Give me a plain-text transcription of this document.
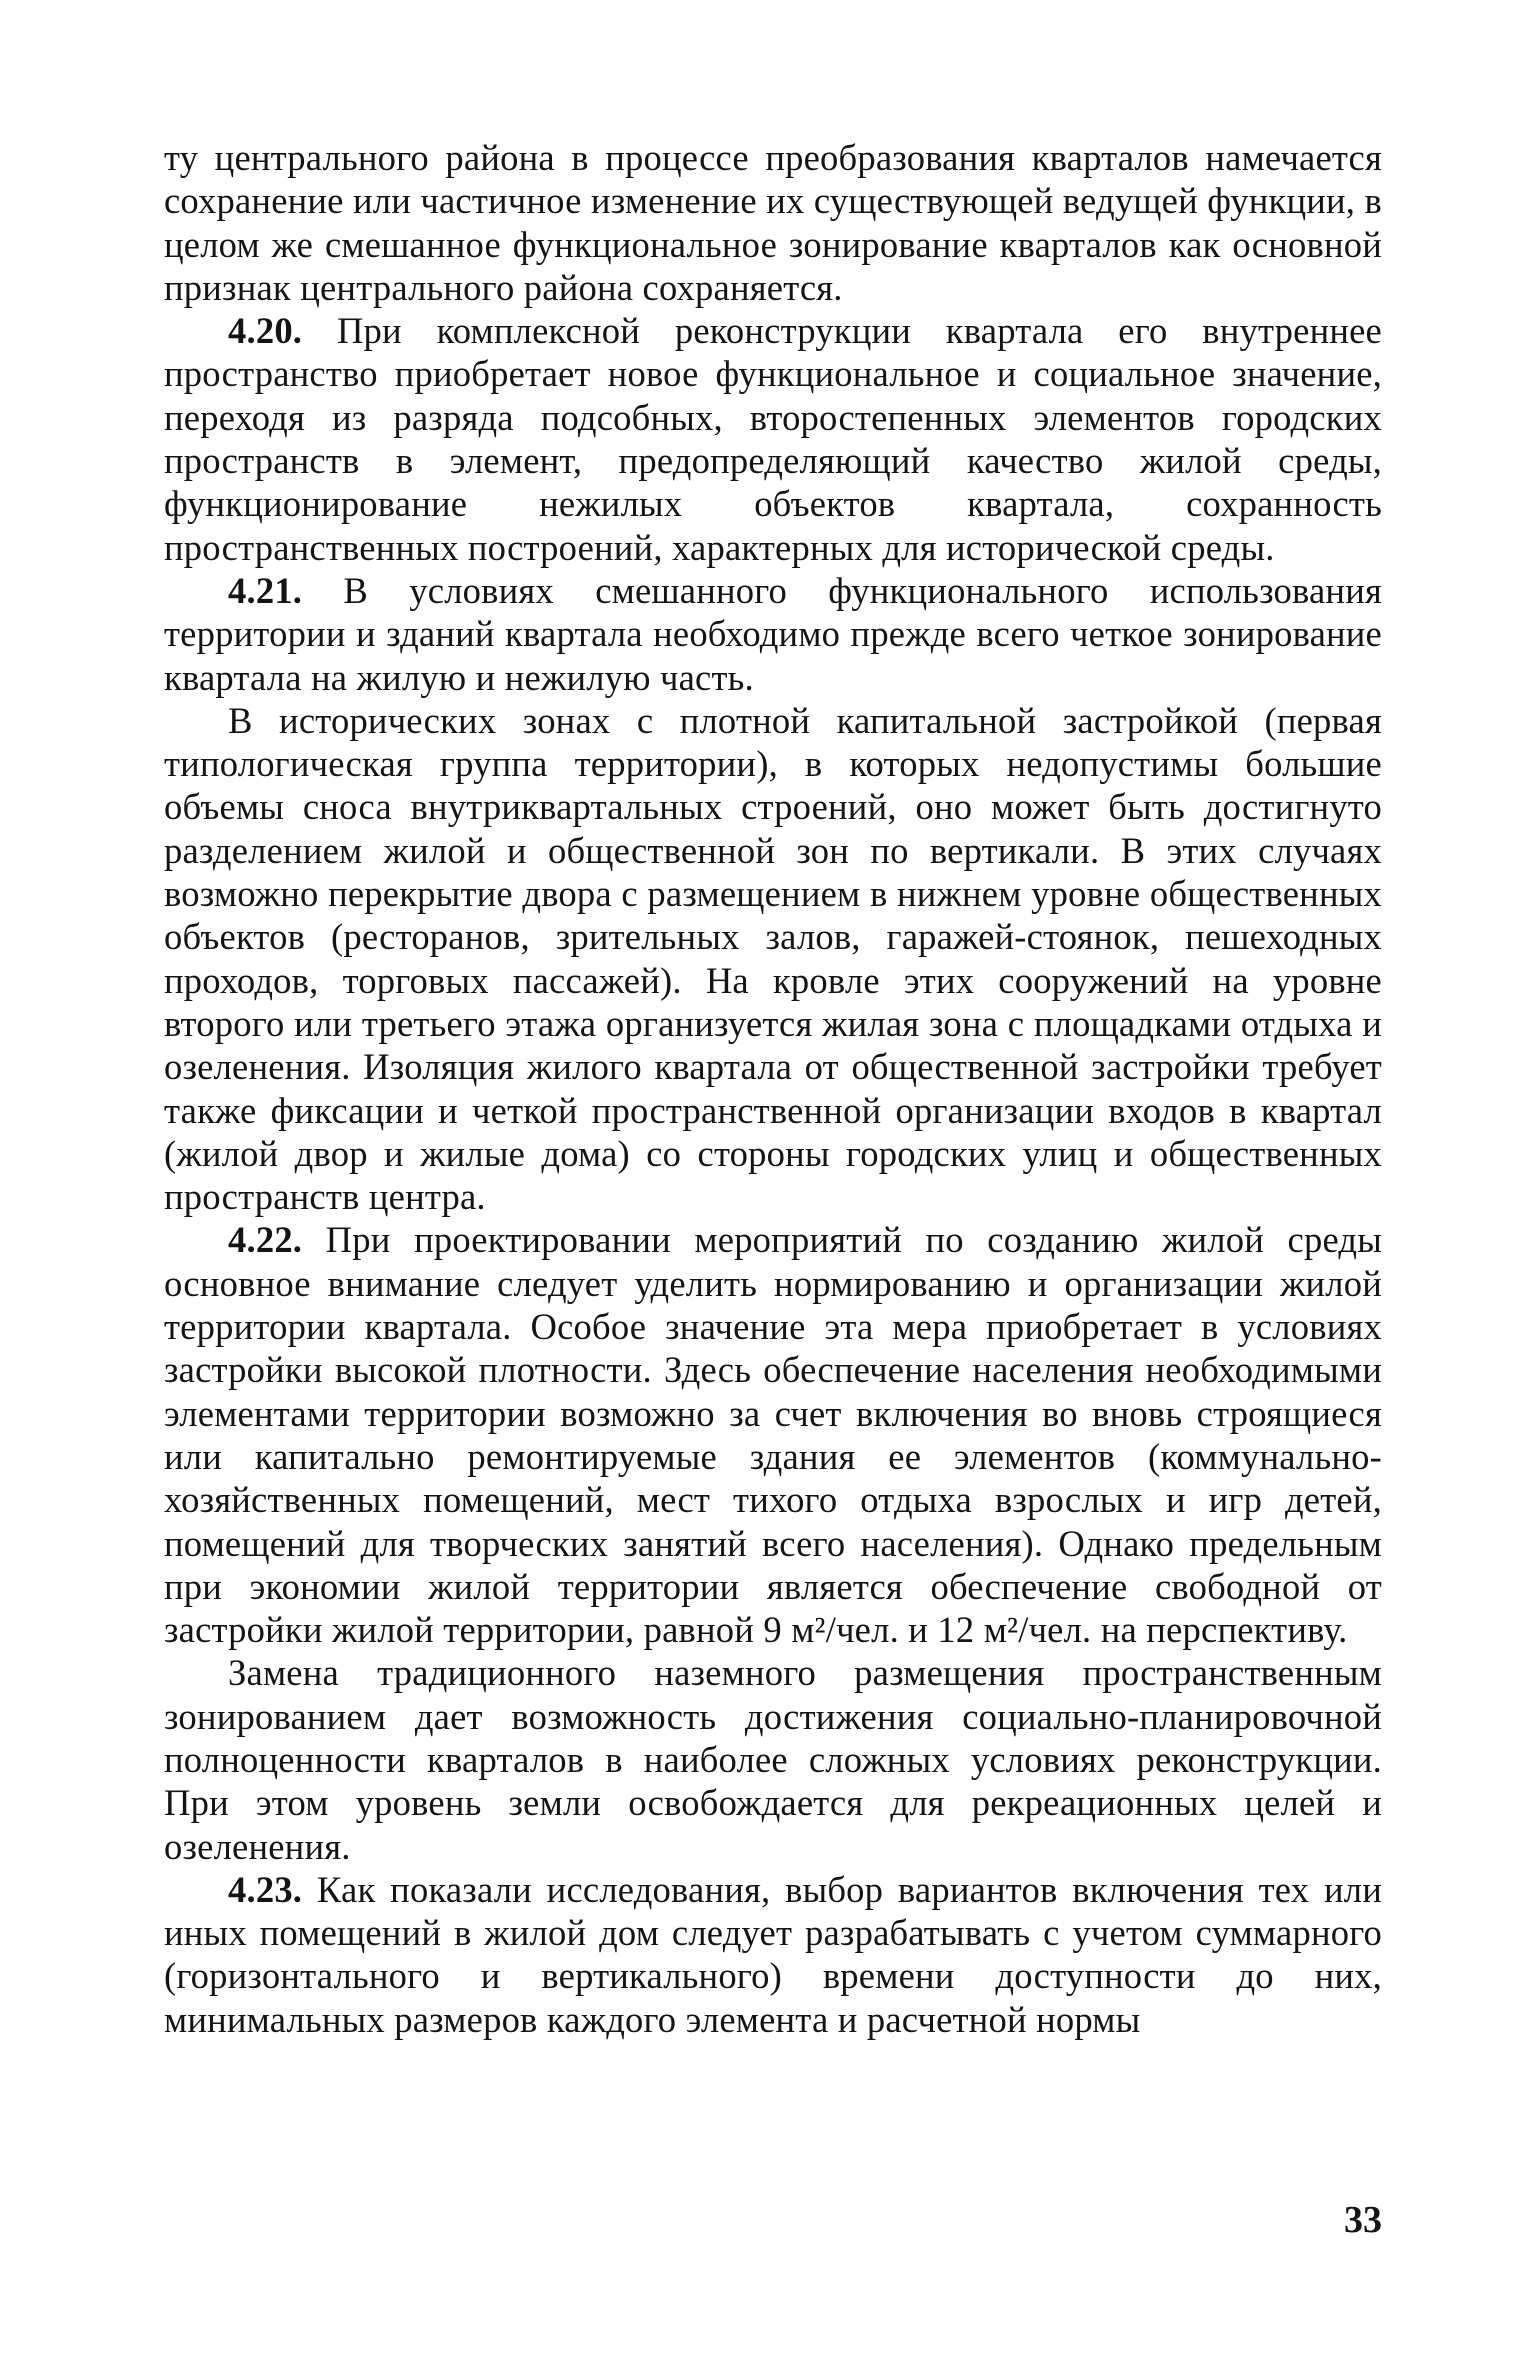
ту центрального района в процессе преобразования кварталов намечается сохранение или частичное изменение их существующей ведущей функции, в целом же смешанное функциональное зонирование кварталов как основной признак центрального района сохраняется.

4.20. При комплексной реконструкции квартала его внутреннее пространство приобретает новое функциональное и социальное значение, переходя из разряда подсобных, второстепенных элементов городских пространств в элемент, предопределяющий качество жилой среды, функционирование нежилых объектов квартала, сохранность пространственных построений, характерных для исторической среды.

4.21. В условиях смешанного функционального использования территории и зданий квартала необходимо прежде всего четкое зонирование квартала на жилую и нежилую часть.

В исторических зонах с плотной капитальной застройкой (первая типологическая группа территории), в которых недопустимы большие объемы сноса внутриквартальных строений, оно может быть достигнуто разделением жилой и общественной зон по вертикали. В этих случаях возможно перекрытие двора с размещением в нижнем уровне общественных объектов (ресторанов, зрительных залов, гаражей-стоянок, пешеходных проходов, торговых пассажей). На кровле этих сооружений на уровне второго или третьего этажа организуется жилая зона с площадками отдыха и озеленения. Изоляция жилого квартала от общественной застройки требует также фиксации и четкой пространственной организации входов в квартал (жилой двор и жилые дома) со стороны городских улиц и общественных пространств центра.

4.22. При проектировании мероприятий по созданию жилой среды основное внимание следует уделить нормированию и организации жилой территории квартала. Особое значение эта мера приобретает в условиях застройки высокой плотности. Здесь обеспечение населения необходимыми элементами территории возможно за счет включения во вновь строящиеся или капитально ремонтируемые здания ее элементов (коммунально-хозяйственных помещений, мест тихого отдыха взрослых и игр детей, помещений для творческих занятий всего населения). Однако предельным при экономии жилой территории является обеспечение свободной от застройки жилой территории, равной 9 м²/чел. и 12 м²/чел. на перспективу.

Замена традиционного наземного размещения пространственным зонированием дает возможность достижения социально-планировочной полноценности кварталов в наиболее сложных условиях реконструкции. При этом уровень земли освобождается для рекреационных целей и озеленения.

4.23. Как показали исследования, выбор вариантов включения тех или иных помещений в жилой дом следует разрабатывать с учетом суммарного (горизонтального и вертикального) времени доступности до них, минимальных размеров каждого элемента и расчетной нормы

33
